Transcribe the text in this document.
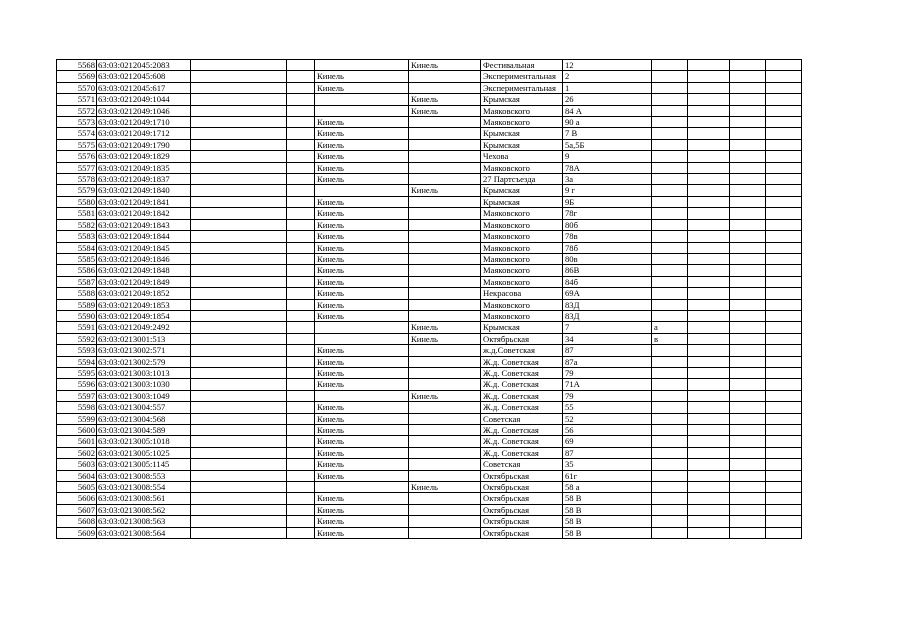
5568	63:03:0212045:2083				Кинель	Фестивальная	12				
5569	63:03:0212045:608			Кинель		Экспериментальная	2				
5570	63:03:0212045:617			Кинель		Экспериментальная	1				
5571	63:03:0212049:1044				Кинель	Крымская	26				
5572	63:03:0212049:1046				Кинель	Маяковского	84 А				
5573	63:03:0212049:1710			Кинель		Маяковского	90 а				
5574	63:03:0212049:1712			Кинель		Крымская	7 В				
5575	63:03:0212049:1790			Кинель		Крымская	5а,5Б				
5576	63:03:0212049:1829			Кинель		Чехова	9				
5577	63:03:0212049:1835			Кинель		Маяковского	78А				
5578	63:03:0212049:1837			Кинель		27 Партсъезда	3а				
5579	63:03:0212049:1840				Кинель	Крымская	9 г				
5580	63:03:0212049:1841			Кинель		Крымская	9Б				
5581	63:03:0212049:1842			Кинель		Маяковского	78г				
5582	63:03:0212049:1843			Кинель		Маяковского	80б				
5583	63:03:0212049:1844			Кинель		Маяковского	78в				
5584	63:03:0212049:1845			Кинель		Маяковского	78б				
5585	63:03:0212049:1846			Кинель		Маяковского	80в				
5586	63:03:0212049:1848			Кинель		Маяковского	86В				
5587	63:03:0212049:1849			Кинель		Маяковского	84б				
5588	63:03:0212049:1852			Кинель		Некрасова	69А				
5589	63:03:0212049:1853			Кинель		Маяковского	83Д				
5590	63:03:0212049:1854			Кинель		Маяковского	83Д				
5591	63:03:0212049:2492				Кинель	Крымская	7	а			
5592	63:03:0213001:513				Кинель	Октябрьская	34	в			
5593	63:03:0213002:571			Кинель		ж.д.Советская	87				
5594	63:03:0213002:579			Кинель		Ж.д. Советская	87а				
5595	63:03:0213003:1013			Кинель		Ж.д. Советская	79				
5596	63:03:0213003:1030			Кинель		Ж.д. Советская	71А				
5597	63:03:0213003:1049				Кинель	Ж.д. Советская	79				
5598	63:03:0213004:557			Кинель		Ж.д. Советская	55				
5599	63:03:0213004:568			Кинель		Советская	52				
5600	63:03:0213004:589			Кинель		Ж.д. Советская	56				
5601	63:03:0213005:1018			Кинель		Ж.д. Советская	69				
5602	63:03:0213005:1025			Кинель		Ж.д. Советская	87				
5603	63:03:0213005:1145			Кинель		Советская	35				
5604	63:03:0213008:553			Кинель		Октябрьская	61г				
5605	63:03:0213008:554				Кинель	Октябрьская	58 а				
5606	63:03:0213008:561			Кинель		Октябрьская	58 В				
5607	63:03:0213008:562			Кинель		Октябрьская	58 В				
5608	63:03:0213008:563			Кинель		Октябрьская	58 В				
5609	63:03:0213008:564			Кинель		Октябрьская	58 В				
